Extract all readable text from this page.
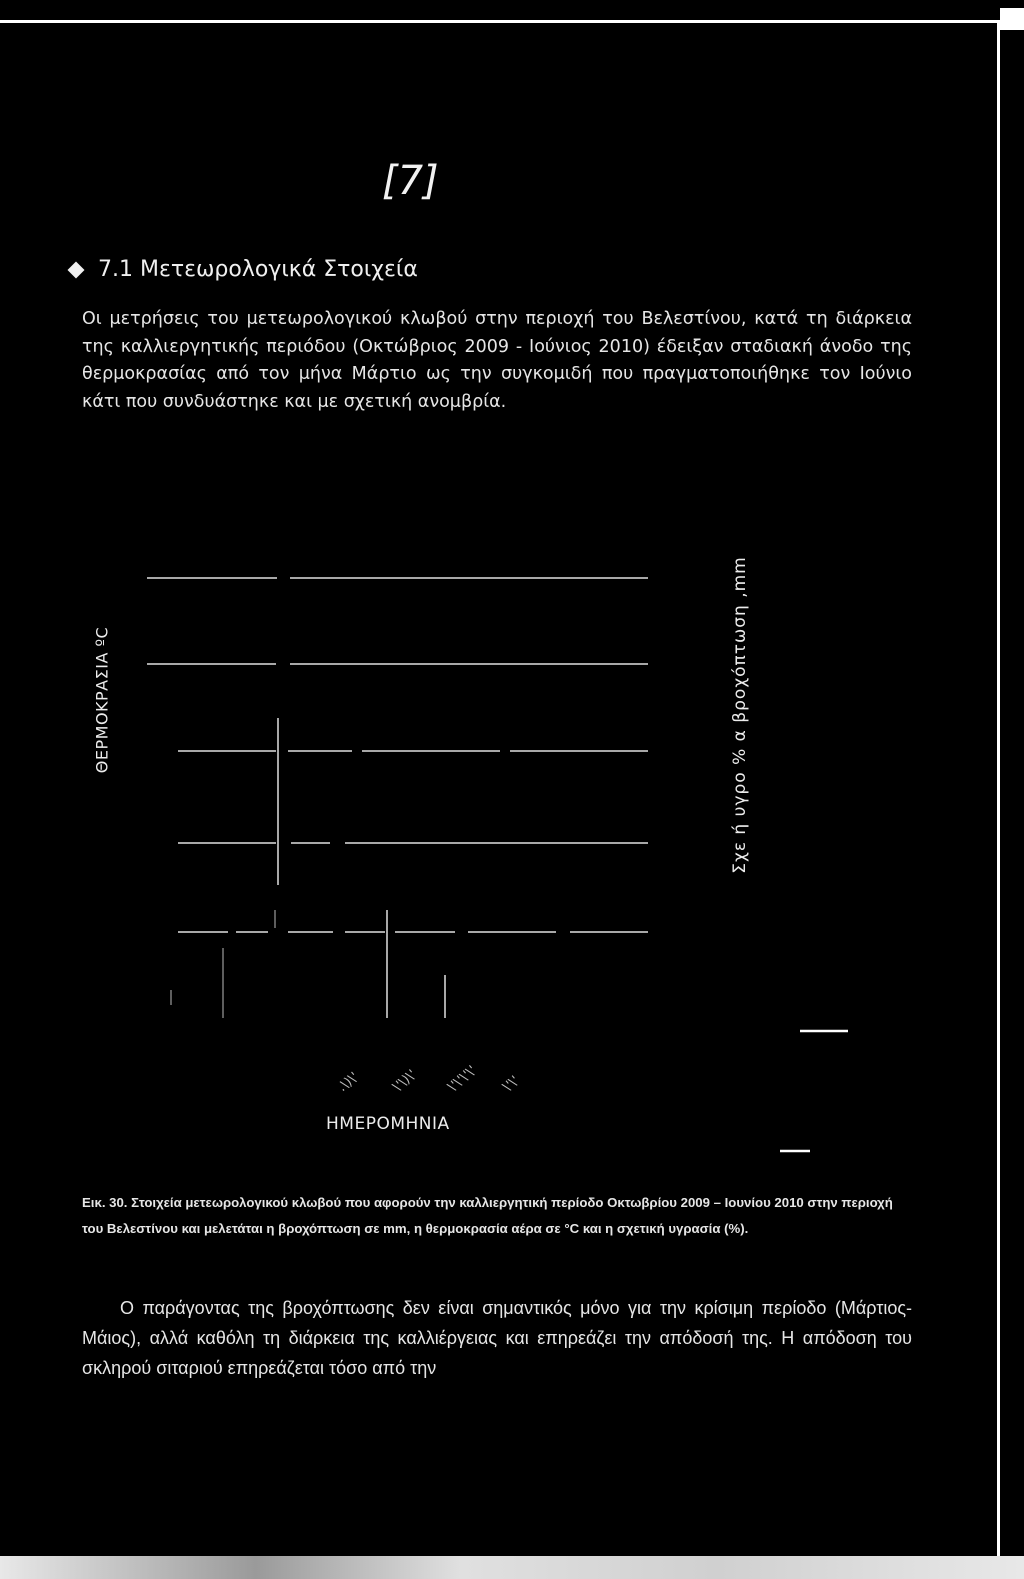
[7]
7.1 Μετεωρολογικά Στοιχεία

Οι μετρήσεις του μετεωρολογικού κλωβού στην περιοχή του Βελεστίνου, κατά τη διάρκεια της καλλιεργητικής περιόδου (Οκτώβριος 2009 - Ιούνιος 2010) έδειξαν σταδιακή άνοδο της θερμοκρασίας από τον μήνα Μάρτιο ως την συγκομιδή που πραγματοποιήθηκε τον Ιούνιο κάτι που συνδυάστηκε και με σχετική ανομβρία.

ΘΕΡΜΟΚΡΑΣΙΑ ºC	Σχε ή υγρο % α βροχόπτωση ,mm
.\)\' \'\)\' \'\'\'\' \'\'
ΗΜΕΡΟΜΗΝΙΑ

Εικ. 30. Στοιχεία μετεωρολογικού κλωβού που αφορούν την καλλιεργητική περίοδο Οκτωβρίου 2009 – Ιουνίου 2010 στην περιοχή του Βελεστίνου και μελετάται η βροχόπτωση σε mm, η θερμοκρασία αέρα σε °C και η σχετική υγρασία (%).

Ο παράγοντας της βροχόπτωσης δεν είναι σημαντικός μόνο για την κρίσιμη περίοδο (Μάρτιος-Μάιος), αλλά καθόλη τη διάρκεια της καλλιέργειας και επηρεάζει την απόδοσή της. Η απόδοση του σκληρού σιταριού επηρεάζεται τόσο από την
